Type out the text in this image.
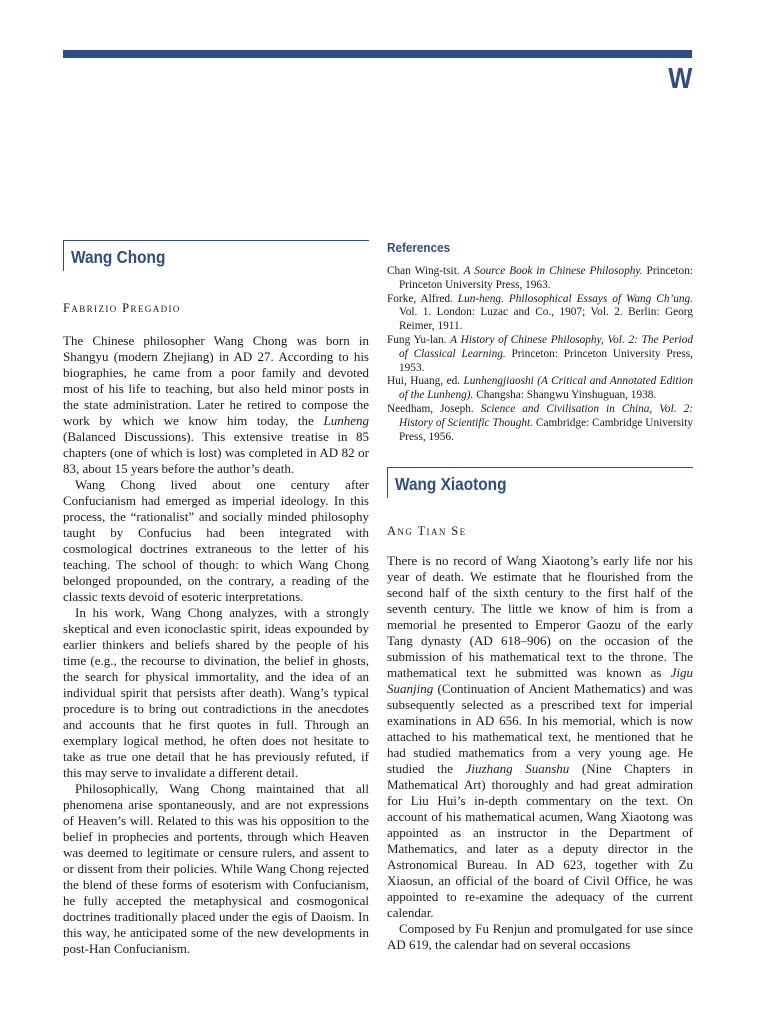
W
Wang Chong
Fabrizio Pregadio

The Chinese philosopher Wang Chong was born in Shangyu (modern Zhejiang) in AD 27. According to his biographies, he came from a poor family and devoted most of his life to teaching, but also held minor posts in the state administration. Later he retired to compose the work by which we know him today, the Lunheng (Balanced Discussions). This extensive treatise in 85 chapters (one of which is lost) was completed in AD 82 or 83, about 15 years before the author’s death.

Wang Chong lived about one century after Confucianism had emerged as imperial ideology. In this process, the “rationalist” and socially minded philosophy taught by Confucius had been integrated with cosmological doctrines extraneous to the letter of his teaching. The school of though: to which Wang Chong belonged propounded, on the contrary, a reading of the classic texts devoid of esoteric interpretations.

In his work, Wang Chong analyzes, with a strongly skeptical and even iconoclastic spirit, ideas expounded by earlier thinkers and beliefs shared by the people of his time (e.g., the recourse to divination, the belief in ghosts, the search for physical immortality, and the idea of an individual spirit that persists after death). Wang’s typical procedure is to bring out contradictions in the anecdotes and accounts that he first quotes in full. Through an exemplary logical method, he often does not hesitate to take as true one detail that he has previously refuted, if this may serve to invalidate a different detail.

Philosophically, Wang Chong maintained that all phenomena arise spontaneously, and are not expressions of Heaven’s will. Related to this was his opposition to the belief in prophecies and portents, through which Heaven was deemed to legitimate or censure rulers, and assent to or dissent from their policies. While Wang Chong rejected the blend of these forms of esoterism with Confucianism, he fully accepted the metaphysical and cosmogonical doctrines traditionally placed under the egis of Daoism. In this way, he anticipated some of the new developments in post-Han Confucianism.

References

Chan Wing-tsit. A Source Book in Chinese Philosophy. Princeton: Princeton University Press, 1963.

Forke, Alfred. Lun-heng. Philosophical Essays of Wang Ch’ung. Vol. 1. London: Luzac and Co., 1907; Vol. 2. Berlin: Georg Reimer, 1911.

Fung Yu-lan. A History of Chinese Philosophy, Vol. 2: The Period of Classical Learning. Princeton: Princeton University Press, 1953.

Hui, Huang, ed. Lunhengjiaoshi (A Critical and Annotated Edition of the Lunheng). Changsha: Shangwu Yinshuguan, 1938.

Needham, Joseph. Science and Civilisation in China, Vol. 2: History of Scientific Thought. Cambridge: Cambridge University Press, 1956.

Wang Xiaotong
Ang Tian Se

There is no record of Wang Xiaotong’s early life nor his year of death. We estimate that he flourished from the second half of the sixth century to the first half of the seventh century. The little we know of him is from a memorial he presented to Emperor Gaozu of the early Tang dynasty (AD 618–906) on the occasion of the submission of his mathematical text to the throne. The mathematical text he submitted was known as Jigu Suanjing (Continuation of Ancient Mathematics) and was subsequently selected as a prescribed text for imperial examinations in AD 656. In his memorial, which is now attached to his mathematical text, he mentioned that he had studied mathematics from a very young age. He studied the Jiuzhang Suanshu (Nine Chapters in Mathematical Art) thoroughly and had great admiration for Liu Hui’s in-depth commentary on the text. On account of his mathematical acumen, Wang Xiaotong was appointed as an instructor in the Department of Mathematics, and later as a deputy director in the Astronomical Bureau. In AD 623, together with Zu Xiaosun, an official of the board of Civil Office, he was appointed to re-examine the adequacy of the current calendar.

Composed by Fu Renjun and promulgated for use since AD 619, the calendar had on several occasions
